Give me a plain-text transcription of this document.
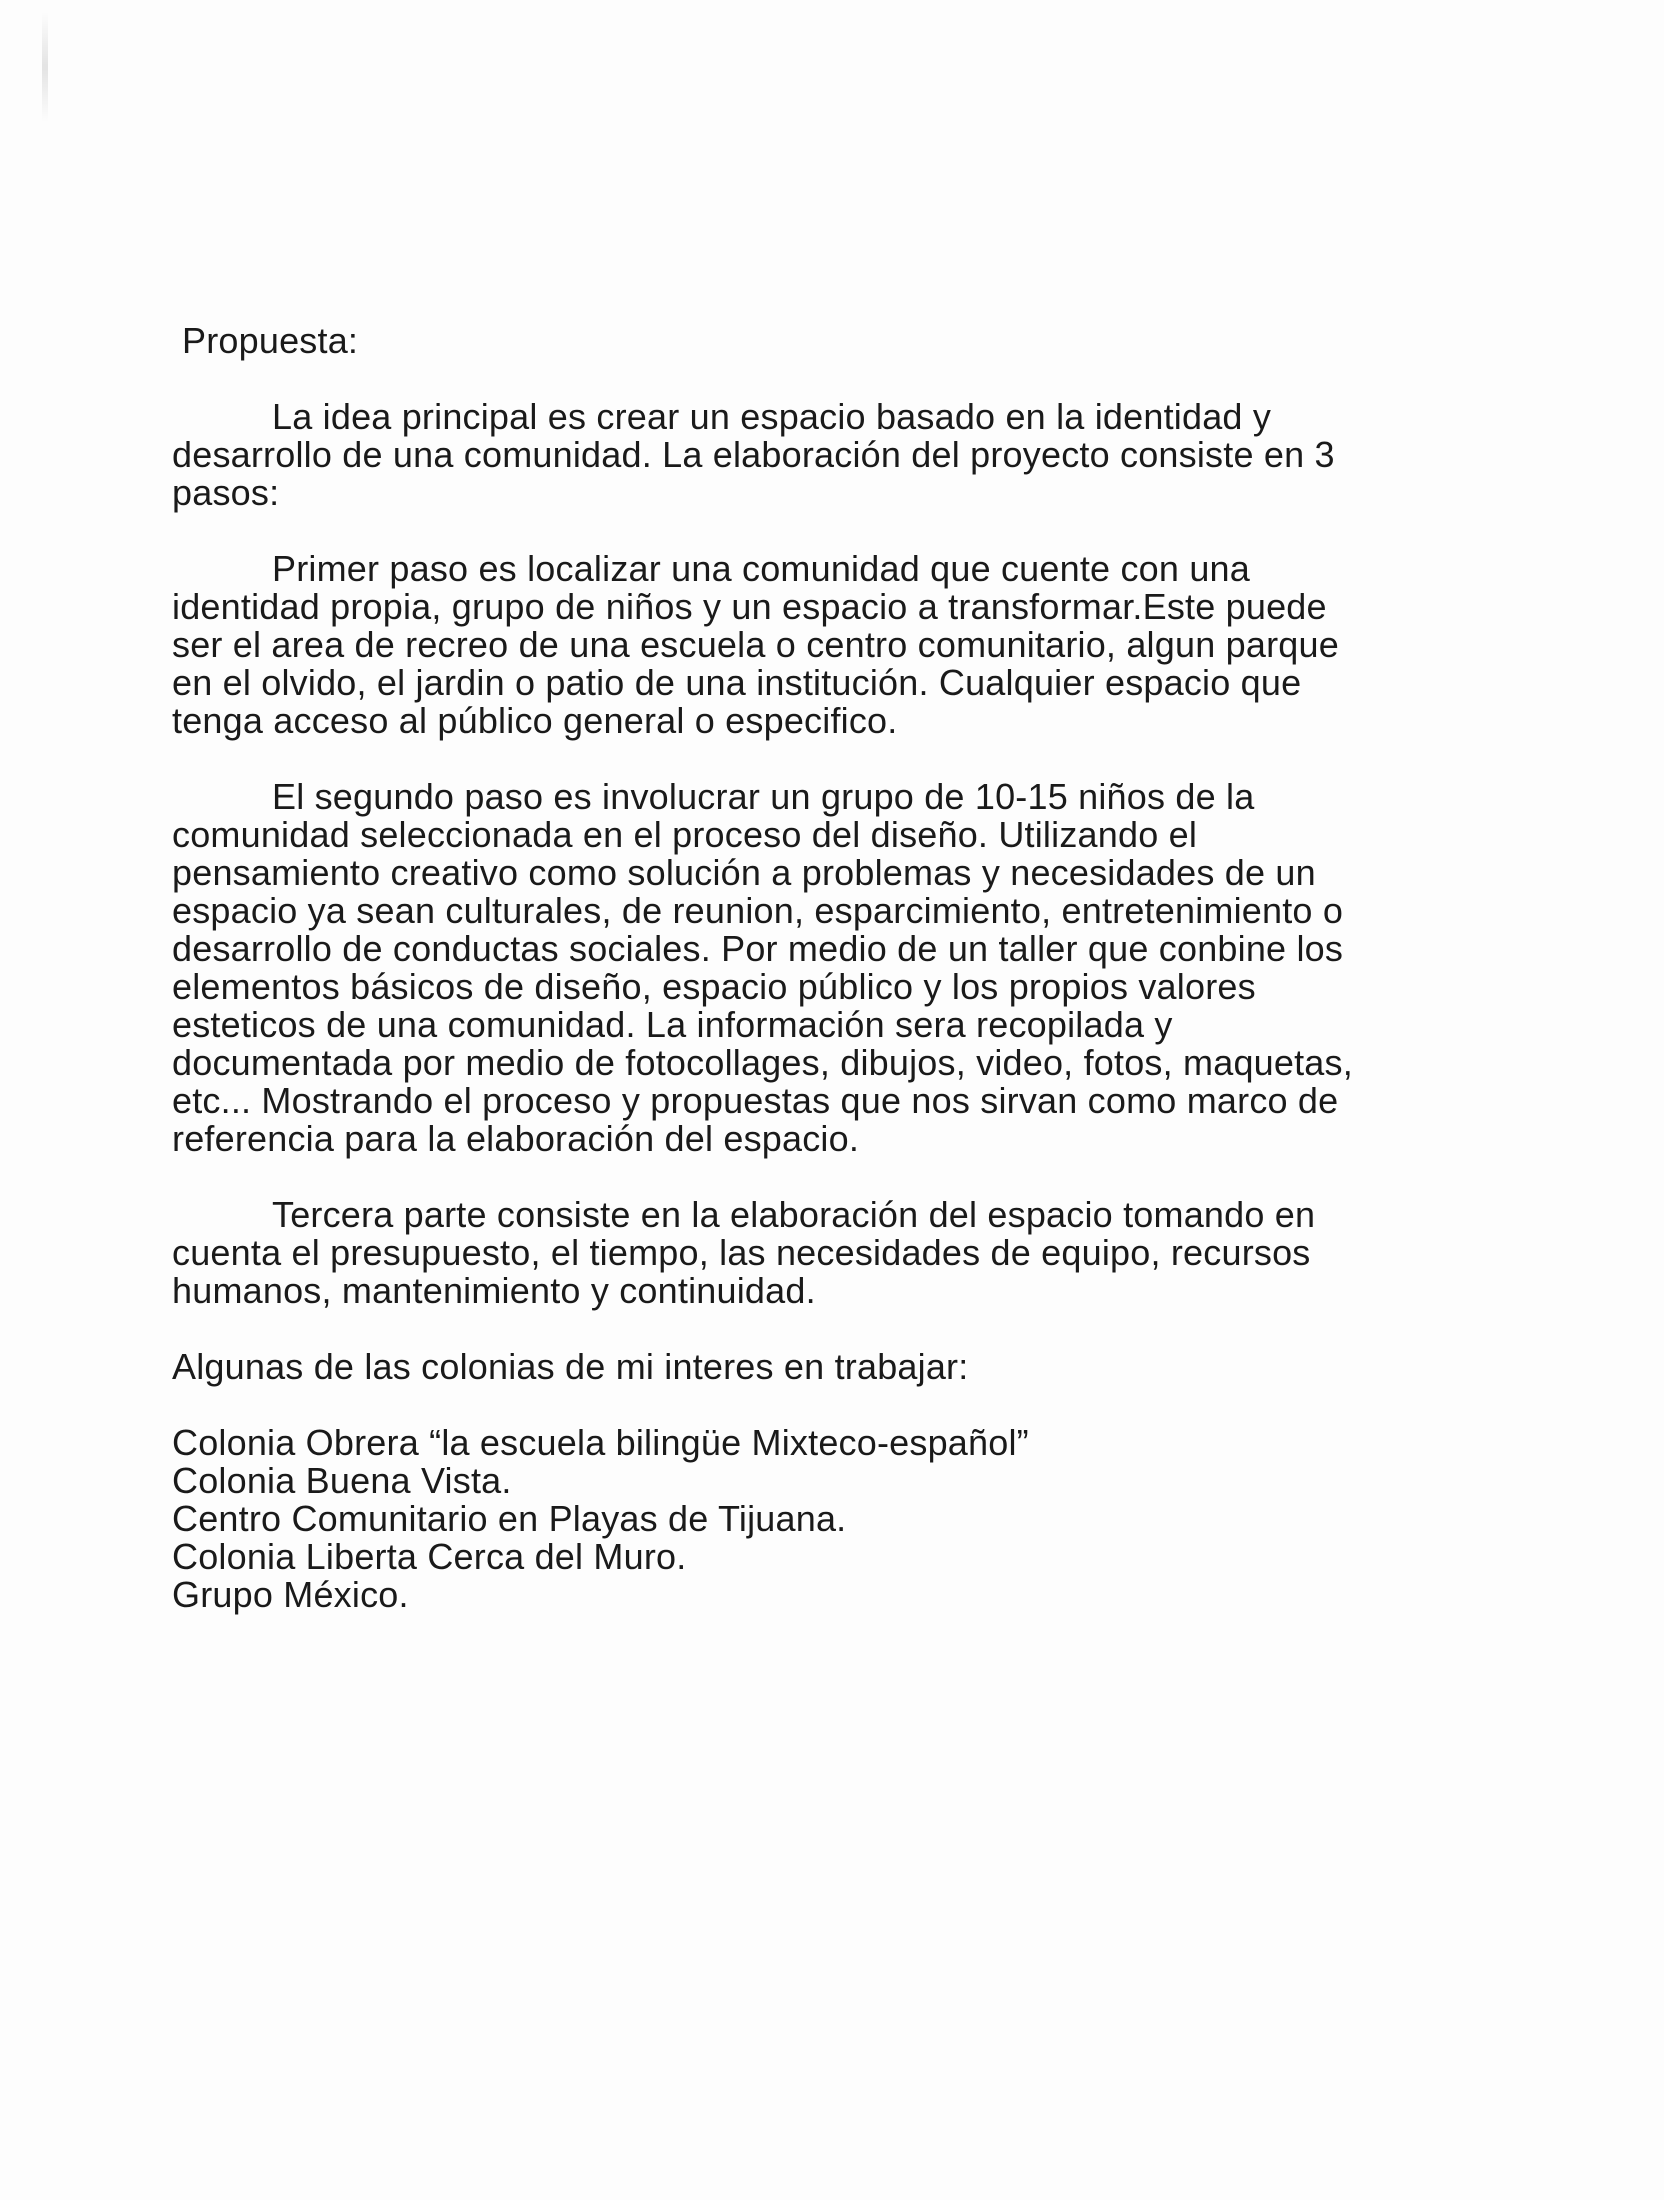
Propuesta:
La idea principal es crear un espacio basado en la identidad y
desarrollo de una comunidad. La elaboración del proyecto consiste en 3
pasos:
Primer paso es localizar una comunidad que cuente con una
identidad propia, grupo de niños y un espacio a transformar.Este puede
ser el area de recreo de una escuela o centro comunitario, algun parque
en el olvido, el jardin o patio de una institución. Cualquier espacio que
tenga acceso al público general o especifico.
El segundo paso es involucrar un grupo de 10-15 niños de la
comunidad seleccionada en el proceso del diseño. Utilizando el
pensamiento creativo como solución a problemas y necesidades de un
espacio ya sean culturales, de reunion, esparcimiento, entretenimiento o
desarrollo de conductas sociales. Por medio de un taller que conbine los
elementos básicos de diseño, espacio público y los propios valores
esteticos de una comunidad. La información sera recopilada y
documentada por medio de fotocollages, dibujos, video, fotos, maquetas,
etc... Mostrando el proceso y propuestas que nos sirvan como marco de
referencia para la elaboración del espacio.
Tercera parte consiste en la elaboración del espacio tomando en
cuenta el presupuesto, el tiempo, las necesidades de equipo, recursos
humanos, mantenimiento y continuidad.
Algunas de las colonias de mi interes en trabajar:
Colonia Obrera “la escuela bilingüe Mixteco-español”
Colonia Buena Vista.
Centro Comunitario en Playas de Tijuana.
Colonia Liberta Cerca del Muro.
Grupo México.
